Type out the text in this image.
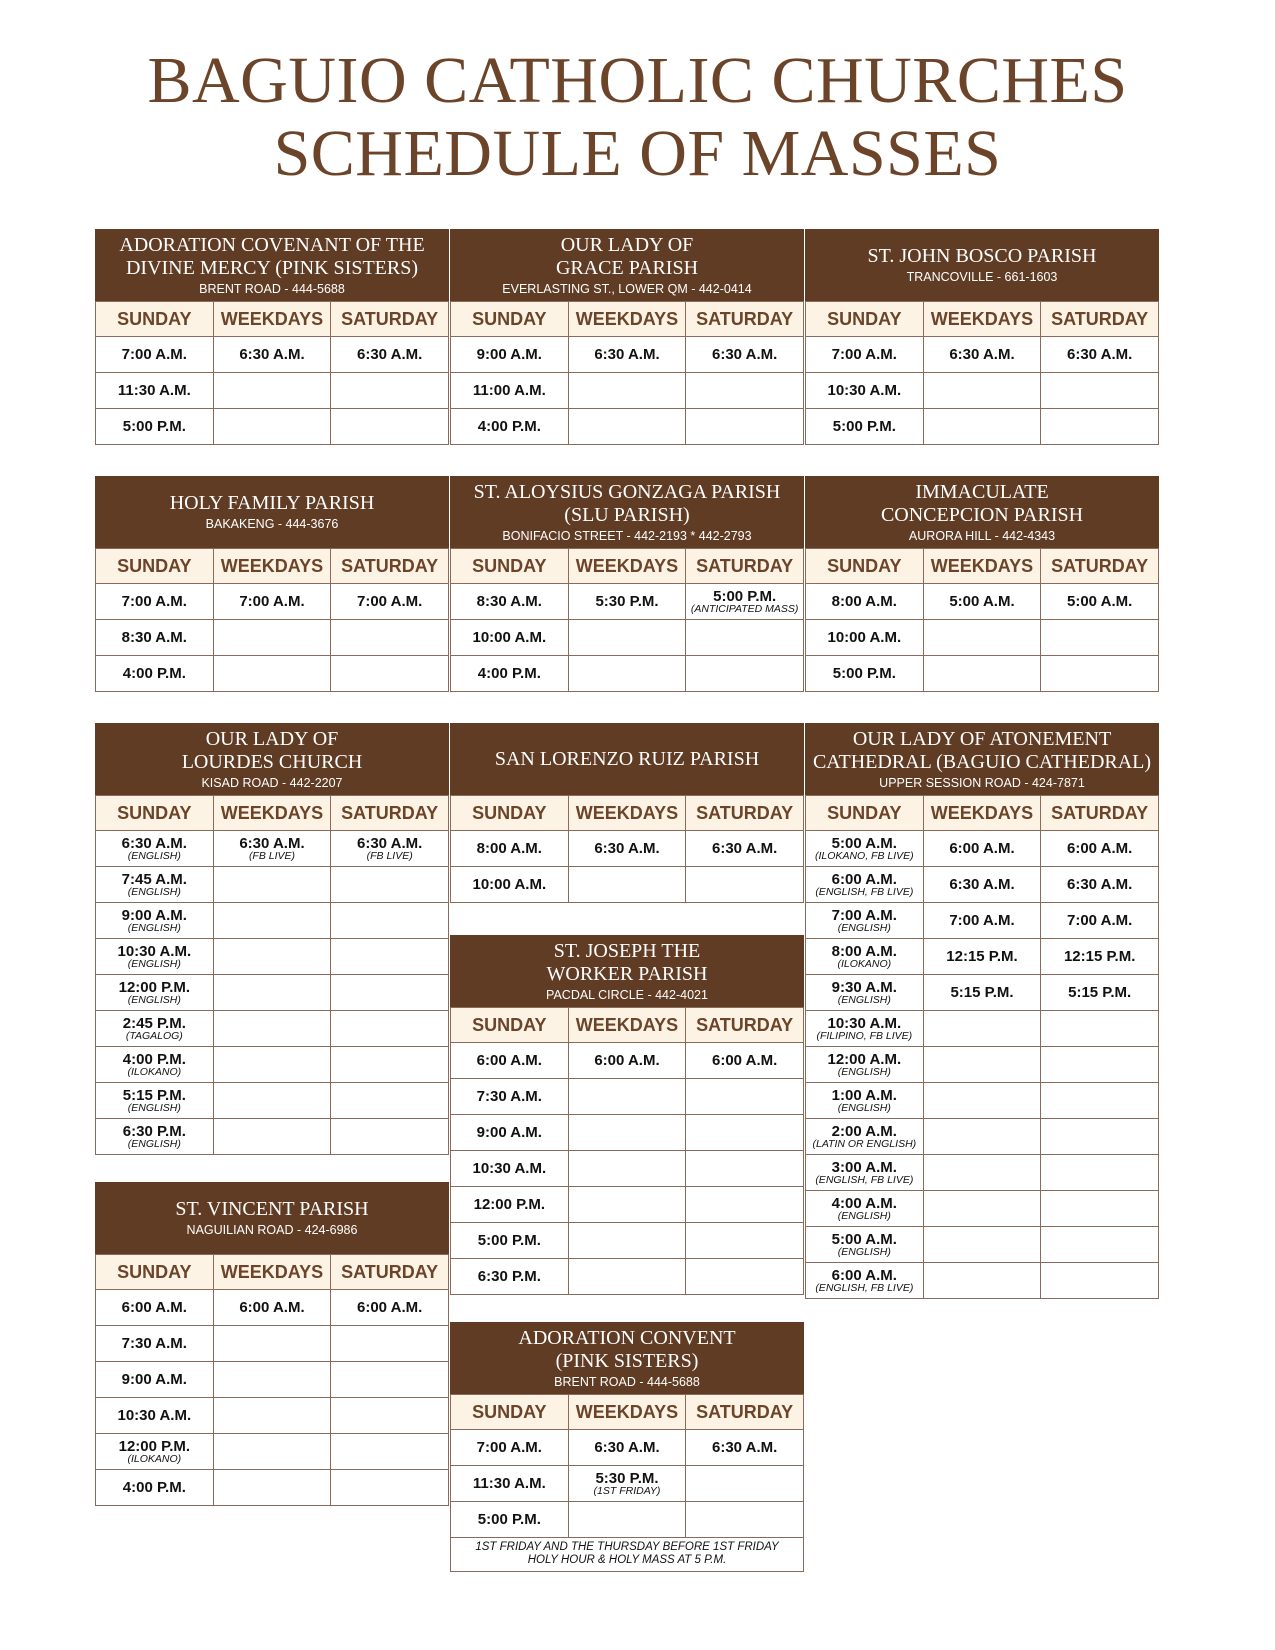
BAGUIO CATHOLIC CHURCHES
SCHEDULE OF MASSES
ADORATION COVENANT OF THE
DIVINE MERCY (PINK SISTERS)
BRENT ROAD - 444-5688
SUNDAY	WEEKDAYS	SATURDAY

7:00 A.M.	6:30 A.M.	6:30 A.M.

11:30 A.M.		

5:00 P.M.		

OUR LADY OF
GRACE PARISH
EVERLASTING ST., LOWER QM - 442-0414
SUNDAY	WEEKDAYS	SATURDAY

9:00 A.M.	6:30 A.M.	6:30 A.M.

11:00 A.M.		

4:00 P.M.		

ST. JOHN BOSCO PARISH
TRANCOVILLE - 661-1603
SUNDAY	WEEKDAYS	SATURDAY

7:00 A.M.	6:30 A.M.	6:30 A.M.

10:30 A.M.		

5:00 P.M.		

HOLY FAMILY PARISH
BAKAKENG - 444-3676
SUNDAY	WEEKDAYS	SATURDAY

7:00 A.M.	7:00 A.M.	7:00 A.M.

8:30 A.M.		

4:00 P.M.		

ST. ALOYSIUS GONZAGA PARISH
(SLU PARISH)
BONIFACIO STREET - 442-2193 * 442-2793
SUNDAY	WEEKDAYS	SATURDAY

8:30 A.M.	5:30 P.M.	5:00 P.M.
(ANTICIPATED MASS)

10:00 A.M.		

4:00 P.M.		

IMMACULATE
CONCEPCION PARISH
AURORA HILL - 442-4343
SUNDAY	WEEKDAYS	SATURDAY

8:00 A.M.	5:00 A.M.	5:00 A.M.

10:00 A.M.		

5:00 P.M.		

OUR LADY OF
LOURDES CHURCH
KISAD ROAD - 442-2207
SUNDAY	WEEKDAYS	SATURDAY

6:30 A.M.
(ENGLISH)	6:30 A.M.
(FB LIVE)	6:30 A.M.
(FB LIVE)

7:45 A.M.
(ENGLISH)		

9:00 A.M.
(ENGLISH)		

10:30 A.M.
(ENGLISH)		

12:00 P.M.
(ENGLISH)		

2:45 P.M.
(TAGALOG)		

4:00 P.M.
(ILOKANO)		

5:15 P.M.
(ENGLISH)		

6:30 P.M.
(ENGLISH)		

SAN LORENZO RUIZ PARISH
SUNDAY	WEEKDAYS	SATURDAY

8:00 A.M.	6:30 A.M.	6:30 A.M.

10:00 A.M.		

OUR LADY OF ATONEMENT
CATHEDRAL (BAGUIO CATHEDRAL)
UPPER SESSION ROAD - 424-7871
SUNDAY	WEEKDAYS	SATURDAY

5:00 A.M.
(ILOKANO, FB LIVE)	6:00 A.M.	6:00 A.M.

6:00 A.M.
(ENGLISH, FB LIVE)	6:30 A.M.	6:30 A.M.

7:00 A.M.
(ENGLISH)	7:00 A.M.	7:00 A.M.

8:00 A.M.
(ILOKANO)	12:15 P.M.	12:15 P.M.

9:30 A.M.
(ENGLISH)	5:15 P.M.	5:15 P.M.

10:30 A.M.
(FILIPINO, FB LIVE)		

12:00 A.M.
(ENGLISH)		

1:00 A.M.
(ENGLISH)		

2:00 A.M.
(LATIN OR ENGLISH)		

3:00 A.M.
(ENGLISH, FB LIVE)		

4:00 A.M.
(ENGLISH)		

5:00 A.M.
(ENGLISH)		

6:00 A.M.
(ENGLISH, FB LIVE)		

ST. JOSEPH THE
WORKER PARISH
PACDAL CIRCLE - 442-4021
SUNDAY	WEEKDAYS	SATURDAY

6:00 A.M.	6:00 A.M.	6:00 A.M.

7:30 A.M.		

9:00 A.M.		

10:30 A.M.		

12:00 P.M.		

5:00 P.M.		

6:30 P.M.		

ST. VINCENT PARISH
NAGUILIAN ROAD - 424-6986
SUNDAY	WEEKDAYS	SATURDAY

6:00 A.M.	6:00 A.M.	6:00 A.M.

7:30 A.M.		

9:00 A.M.		

10:30 A.M.		

12:00 P.M.
(ILOKANO)		

4:00 P.M.		

ADORATION CONVENT
(PINK SISTERS)
BRENT ROAD - 444-5688
SUNDAY	WEEKDAYS	SATURDAY

7:00 A.M.	6:30 A.M.	6:30 A.M.

11:30 A.M.	5:30 P.M.
(1ST FRIDAY)	

5:00 P.M.		

1ST FRIDAY AND THE THURSDAY BEFORE 1ST FRIDAY
HOLY HOUR & HOLY MASS AT 5 P.M.
